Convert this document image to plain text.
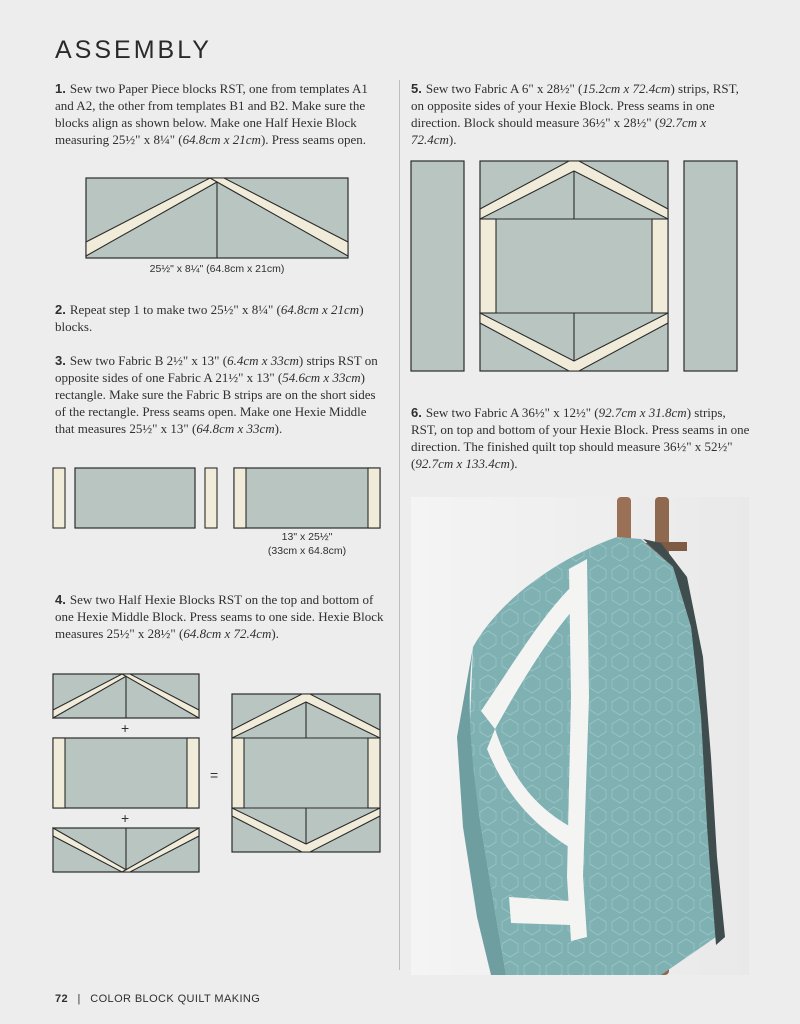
ASSEMBLY
1. Sew two Paper Piece blocks RST, one from templates A1 and A2, the other from templates B1 and B2. Make sure the blocks align as shown below. Make one Half Hexie Block measuring 25½" x 8¼" (64.8cm x 21cm). Press seams open.
25½" x 8¼" (64.8cm x 21cm)
2. Repeat step 1 to make two 25½" x 8¼" (64.8cm x 21cm) blocks.
3. Sew two Fabric B 2½" x 13" (6.4cm x 33cm) strips RST on opposite sides of one Fabric A 21½" x 13" (54.6cm x 33cm) rectangle. Make sure the Fabric B strips are on the short sides of the rectangle. Press seams open. Make one Hexie Middle that measures 25½" x 13" (64.8cm x 33cm).
13" x 25½"
(33cm x 64.8cm)
4. Sew two Half Hexie Blocks RST on the top and bottom of one Hexie Middle Block. Press seams to one side. Hexie Block measures 25½" x 28½" (64.8cm x 72.4cm).
+
+
=
5. Sew two Fabric A 6" x 28½" (15.2cm x 72.4cm) strips, RST, on opposite sides of your Hexie Block. Press seams in one direction. Block should measure 36½" x 28½" (92.7cm x 72.4cm).
6. Sew two Fabric A 36½" x 12½" (92.7cm x 31.8cm) strips, RST, on top and bottom of your Hexie Block. Press seams in one direction. The finished quilt top should measure 36½" x 52½" (92.7cm x 133.4cm).
72 | COLOR BLOCK QUILT MAKING
